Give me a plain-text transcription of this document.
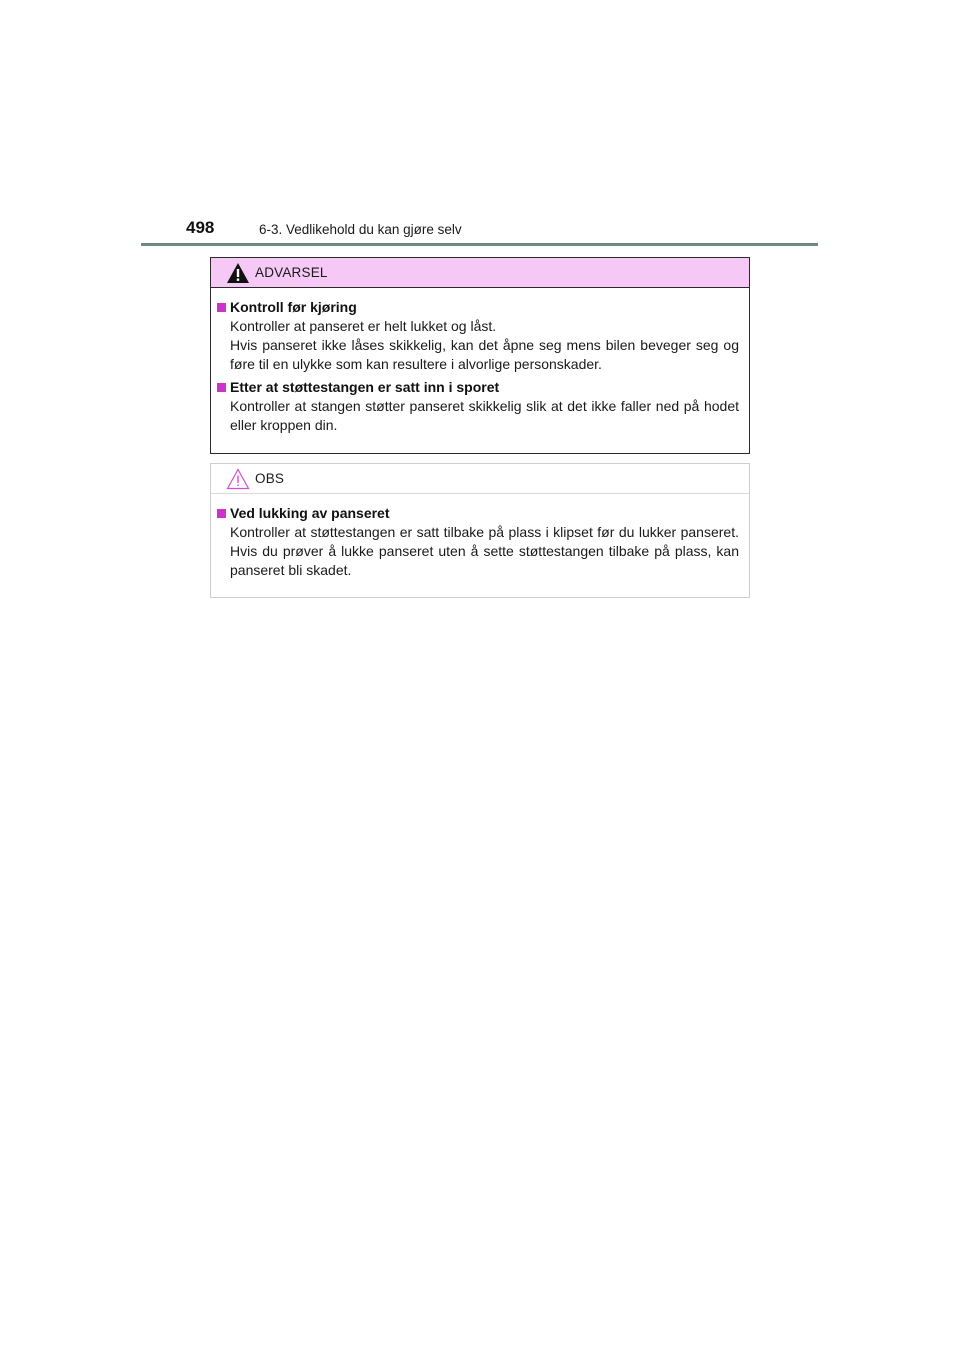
498	6-3. Vedlikehold du kan gjøre selv
ADVARSEL
Kontroll før kjøring

Kontroller at panseret er helt lukket og låst.

Hvis panseret ikke låses skikkelig, kan det åpne seg mens bilen beveger seg og føre til en ulykke som kan resultere i alvorlige personskader.

Etter at støttestangen er satt inn i sporet

Kontroller at stangen støtter panseret skikkelig slik at det ikke faller ned på hodet eller kroppen din.

OBS
Ved lukking av panseret

Kontroller at støttestangen er satt tilbake på plass i klipset før du lukker panseret. Hvis du prøver å lukke panseret uten å sette støttestangen tilbake på plass, kan panseret bli skadet.
